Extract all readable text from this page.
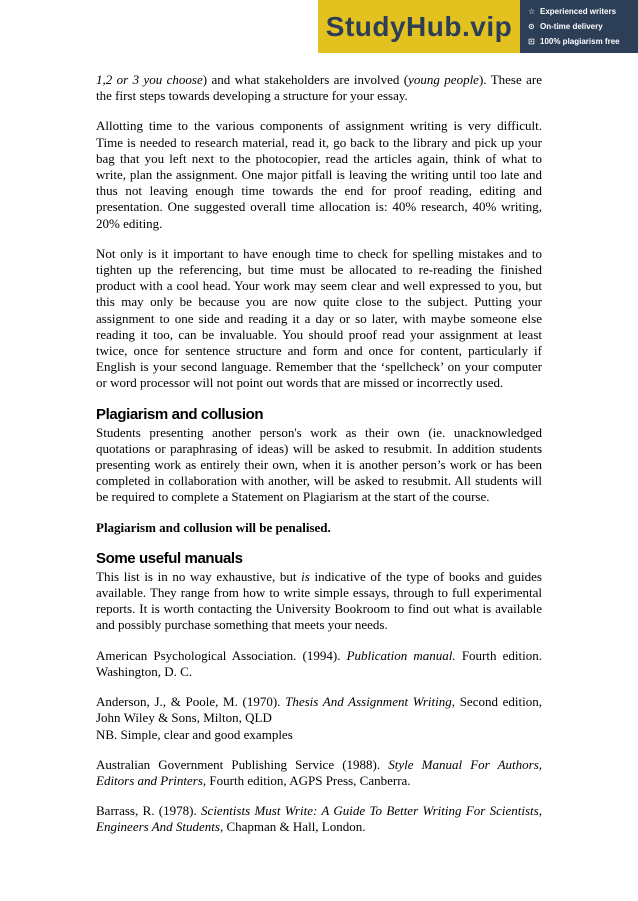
StudyHub.vip ☆ Experienced writers
⊙ On-time delivery
⊡ 100% plagiarism free

1,2 or 3 you choose) and what stakeholders are involved (young people). These are the first steps towards developing a structure for your essay.

Allotting time to the various components of assignment writing is very difficult. Time is needed to research material, read it, go back to the library and pick up your bag that you left next to the photocopier, read the articles again, think of what to write, plan the assignment. One major pitfall is leaving the writing until too late and thus not leaving enough time towards the end for proof reading, editing and presentation. One suggested overall time allocation is: 40% research, 40% writing, 20% editing.

Not only is it important to have enough time to check for spelling mistakes and to tighten up the referencing, but time must be allocated to re-reading the finished product with a cool head. Your work may seem clear and well expressed to you, but this may only be because you are now quite close to the subject. Putting your assignment to one side and reading it a day or so later, with maybe someone else reading it too, can be invaluable. You should proof read your assignment at least twice, once for sentence structure and form and once for content, particularly if English is your second language. Remember that the ‘spellcheck’ on your computer or word processor will not point out words that are missed or incorrectly used.

Plagiarism and collusion

Students presenting another person's work as their own (ie. unacknowledged quotations or paraphrasing of ideas) will be asked to resubmit. In addition students presenting work as entirely their own, when it is another person’s work or has been completed in collaboration with another, will be asked to resubmit. All students will be required to complete a Statement on Plagiarism at the start of the course.

Plagiarism and collusion will be penalised.

Some useful manuals

This list is in no way exhaustive, but is indicative of the type of books and guides available. They range from how to write simple essays, through to full experimental reports. It is worth contacting the University Bookroom to find out what is available and possibly purchase something that meets your needs.

American Psychological Association. (1994). Publication manual. Fourth edition. Washington, D. C.

Anderson, J., & Poole, M. (1970). Thesis And Assignment Writing, Second edition, John Wiley & Sons, Milton, QLD

NB. Simple, clear and good examples

Australian Government Publishing Service (1988). Style Manual For Authors, Editors and Printers, Fourth edition, AGPS Press, Canberra.

Barrass, R. (1978). Scientists Must Write: A Guide To Better Writing For Scientists, Engineers And Students, Chapman & Hall, London.
